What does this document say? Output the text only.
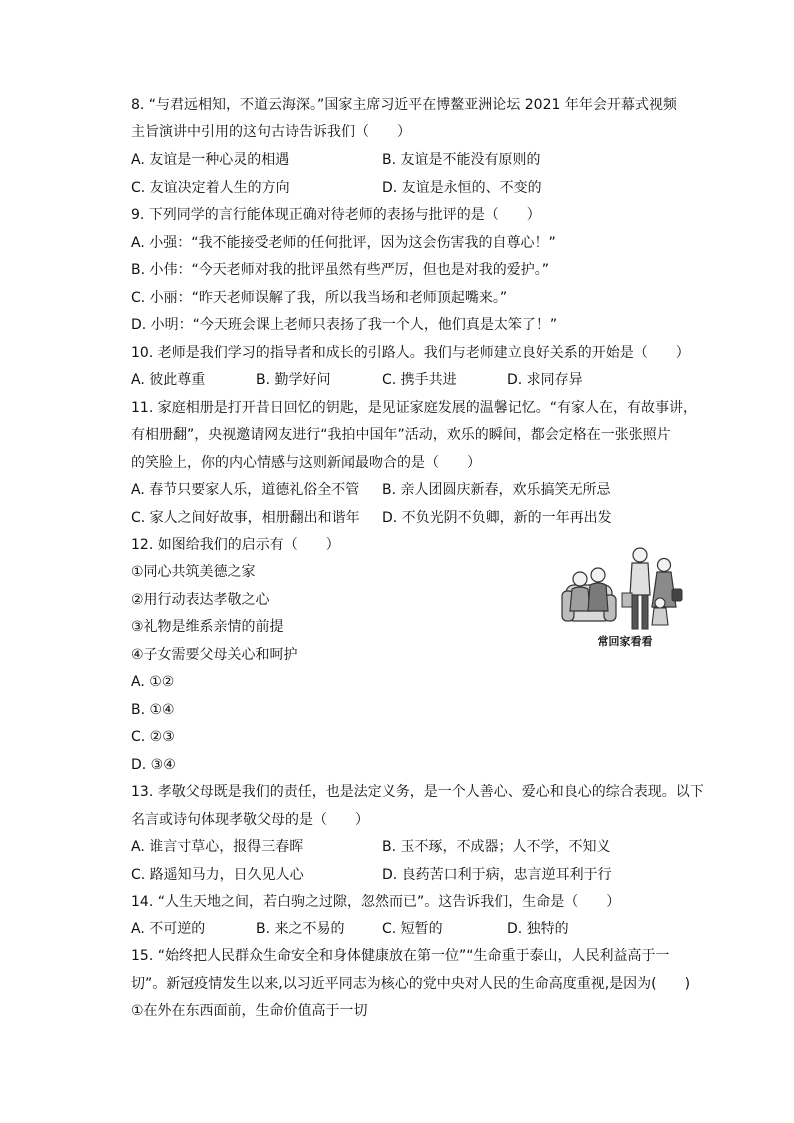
8. “与君远相知，不道云海深。”国家主席习近平在博鳌亚洲论坛 2021 年年会开幕式视频
主旨演讲中引用的这句古诗告诉我们（　　）
A. 友谊是一种心灵的相遇	B. 友谊是不能没有原则的
C. 友谊决定着人生的方向	D. 友谊是永恒的、不变的
9. 下列同学的言行能体现正确对待老师的表扬与批评的是（　　）
A. 小强：“我不能接受老师的任何批评，因为这会伤害我的自尊心！”
B. 小伟：“今天老师对我的批评虽然有些严厉，但也是对我的爱护。”
C. 小丽：“昨天老师误解了我，所以我当场和老师顶起嘴来。”
D. 小明：“今天班会课上老师只表扬了我一个人，他们真是太笨了！”
10. 老师是我们学习的指导者和成长的引路人。我们与老师建立良好关系的开始是（　　）
A. 彼此尊重	B. 勤学好问	C. 携手共进	D. 求同存异
11. 家庭相册是打开昔日回忆的钥匙，是见证家庭发展的温馨记忆。“有家人在，有故事讲，
有相册翻”，央视邀请网友进行“我拍中国年”活动，欢乐的瞬间，都会定格在一张张照片
的笑脸上，你的内心情感与这则新闻最吻合的是（　　）
A. 春节只要家人乐，道德礼俗全不管 B. 亲人团圆庆新春，欢乐搞笑无所忌
C. 家人之间好故事，相册翻出和谐年 D. 不负光阴不负卿，新的一年再出发
12. 如图给我们的启示有（　　）
①同心共筑美德之家
②用行动表达孝敬之心
③礼物是维系亲情的前提
④子女需要父母关心和呵护
A. ①②
B. ①④
C. ②③
D. ③④
常回家看看
13. 孝敬父母既是我们的责任，也是法定义务，是一个人善心、爱心和良心的综合表现。以下
名言或诗句体现孝敬父母的是（　　）
A. 谁言寸草心，报得三春晖	B. 玉不琢，不成器；人不学，不知义
C. 路遥知马力，日久见人心	D. 良药苦口利于病，忠言逆耳利于行
14. “人生天地之间，若白驹之过隙，忽然而已”。这告诉我们，生命是（　　）
A. 不可逆的	B. 来之不易的	C. 短暂的	D. 独特的
15. “始终把人民群众生命安全和身体健康放在第一位”“生命重于泰山，人民利益高于一
切”。新冠疫情发生以来,以习近平同志为核心的党中央对人民的生命高度重视,是因为(　　)
①在外在东西面前，生命价值高于一切
